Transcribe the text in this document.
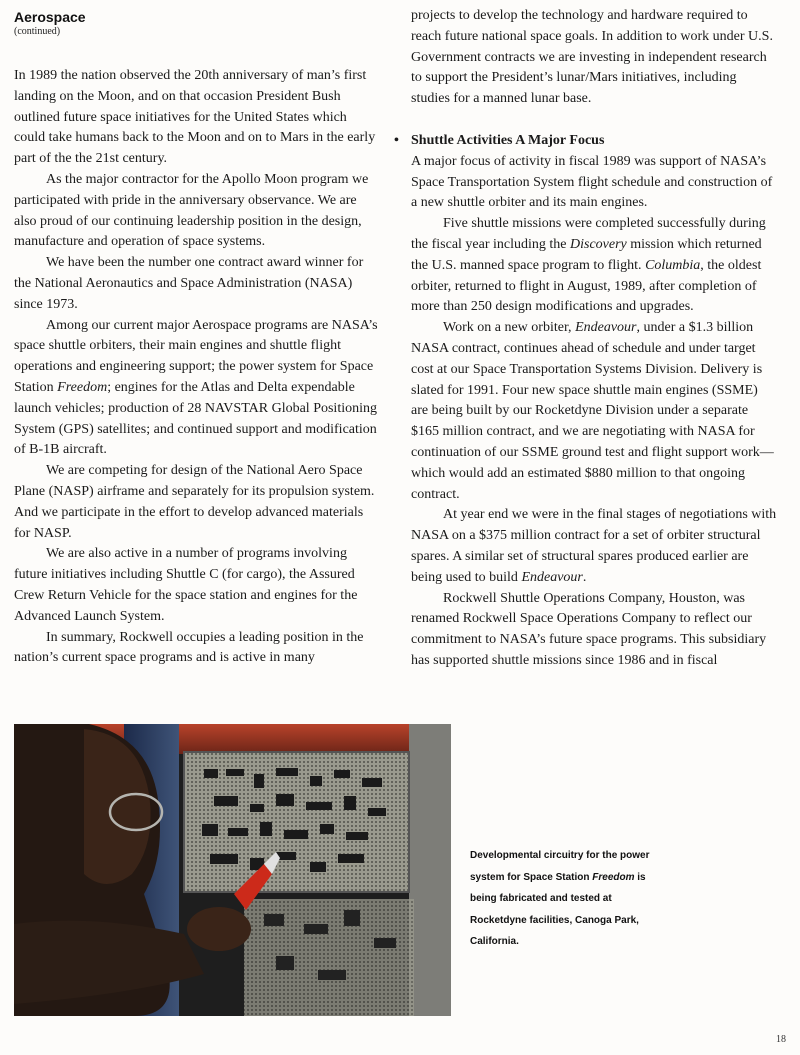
Aerospace
(continued)

In 1989 the nation observed the 20th anniversary of man’s first landing on the Moon, and on that occasion President Bush outlined future space initiatives for the United States which could take humans back to the Moon and on to Mars in the early part of the the 21st century.

As the major contractor for the Apollo Moon program we participated with pride in the anniversary observance. We are also proud of our continuing leadership position in the design, manufacture and operation of space systems.

We have been the number one contract award winner for the National Aeronautics and Space Administration (NASA) since 1973.

Among our current major Aerospace programs are NASA’s space shuttle orbiters, their main engines and shuttle flight operations and engineering support; the power system for Space Station Freedom; engines for the Atlas and Delta expendable launch vehicles; production of 28 NAVSTAR Global Positioning System (GPS) satellites; and continued support and modification of B-1B aircraft.

We are competing for design of the National Aero Space Plane (NASP) airframe and separately for its propulsion system. And we participate in the effort to develop advanced materials for NASP.

We are also active in a number of programs involving future initiatives including Shuttle C (for cargo), the Assured Crew Return Vehicle for the space station and engines for the Advanced Launch System.

In summary, Rockwell occupies a leading position in the nation’s current space programs and is active in many

projects to develop the technology and hardware required to reach future national space goals. In addition to work under U.S. Government contracts we are investing in independent research to support the President’s lunar/Mars initiatives, including studies for a manned lunar base.

• Shuttle Activities A Major Focus

A major focus of activity in fiscal 1989 was support of NASA’s Space Transportation System flight schedule and construction of a new shuttle orbiter and its main engines.

Five shuttle missions were completed successfully during the fiscal year including the Discovery mission which returned the U.S. manned space program to flight. Columbia, the oldest orbiter, returned to flight in August, 1989, after completion of more than 250 design modifications and upgrades.

Work on a new orbiter, Endeavour, under a $1.3 billion NASA contract, continues ahead of schedule and under target cost at our Space Transportation Systems Division. Delivery is slated for 1991. Four new space shuttle main engines (SSME) are being built by our Rocketdyne Division under a separate $165 million contract, and we are negotiating with NASA for continuation of our SSME ground test and flight support work—which would add an estimated $880 million to that ongoing contract.

At year end we were in the final stages of negotiations with NASA on a $375 million contract for a set of orbiter structural spares. A similar set of structural spares produced earlier are being used to build Endeavour.

Rockwell Shuttle Operations Company, Houston, was renamed Rockwell Space Operations Company to reflect our commitment to NASA’s future space programs. This subsidiary has supported shuttle missions since 1986 and in fiscal

Developmental circuitry for the power system for Space Station Freedom is being fabricated and tested at Rocketdyne facilities, Canoga Park, California.
18
